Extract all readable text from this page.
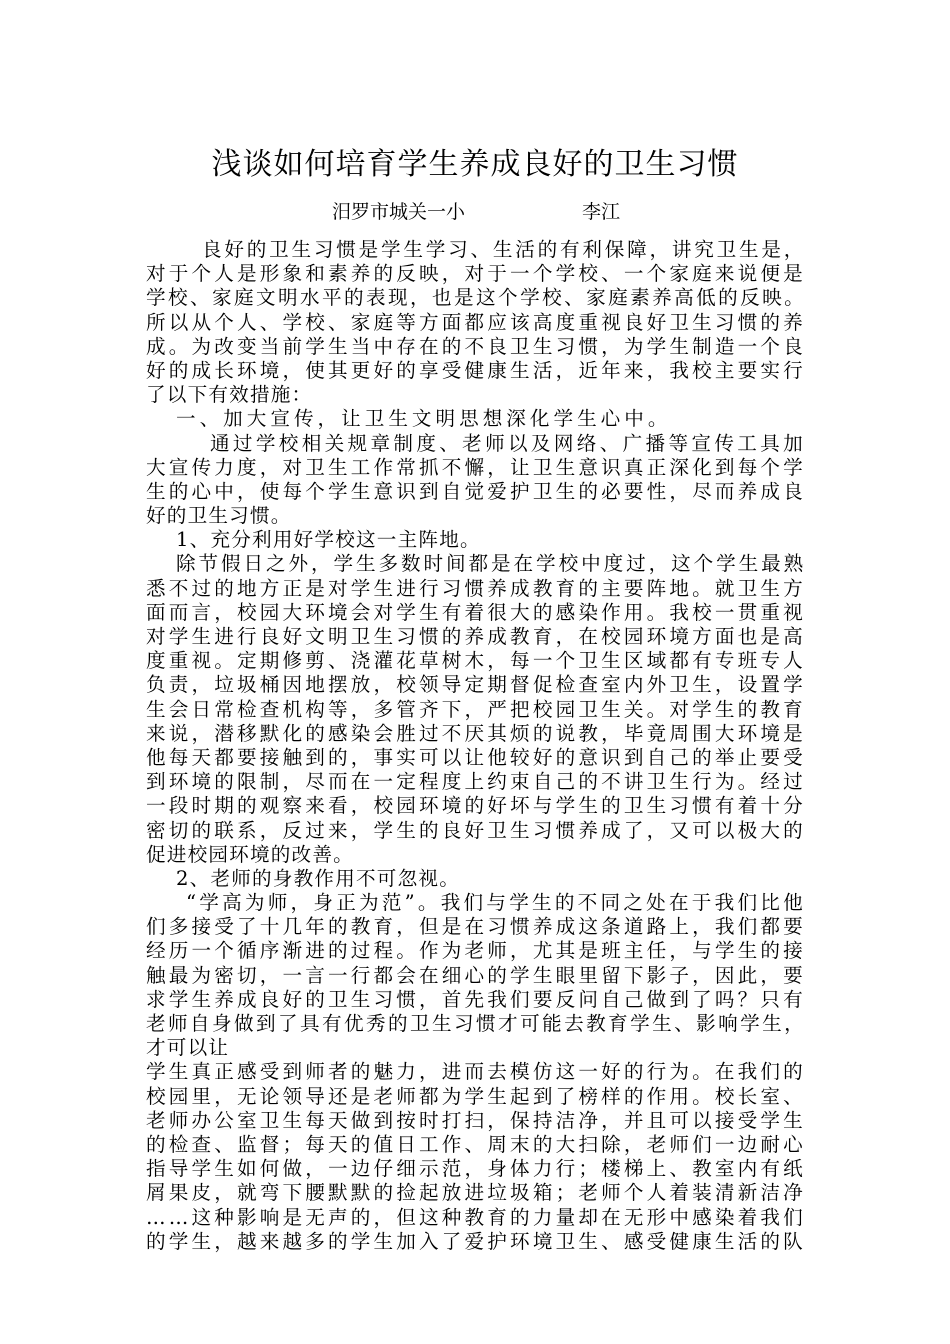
浅谈如何培育学生养成良好的卫生习惯
汨罗市城关一小	李江
良好的卫生习惯是学生学习、生活的有利保障，讲究卫生是，
对于个人是形象和素养的反映，对于一个学校、一个家庭来说便是
学校、家庭文明水平的表现，也是这个学校、家庭素养高低的反映。
所以从个人、学校、家庭等方面都应该高度重视良好卫生习惯的养
成。为改变当前学生当中存在的不良卫生习惯，为学生制造一个良
好的成长环境，使其更好的享受健康生活，近年来，我校主要实行
了以下有效措施：
一、加大宣传，让卫生文明思想深化学生心中。
通过学校相关规章制度、老师以及网络、广播等宣传工具加
大宣传力度，对卫生工作常抓不懈，让卫生意识真正深化到每个学
生的心中，使每个学生意识到自觉爱护卫生的必要性，尽而养成良
好的卫生习惯。
1、充分利用好学校这一主阵地。
除节假日之外，学生多数时间都是在学校中度过，这个学生最熟
悉不过的地方正是对学生进行习惯养成教育的主要阵地。就卫生方
面而言，校园大环境会对学生有着很大的感染作用。我校一贯重视
对学生进行良好文明卫生习惯的养成教育，在校园环境方面也是高
度重视。定期修剪、浇灌花草树木，每一个卫生区域都有专班专人
负责，垃圾桶因地摆放，校领导定期督促检查室内外卫生，设置学
生会日常检查机构等，多管齐下，严把校园卫生关。对学生的教育
来说，潜移默化的感染会胜过不厌其烦的说教，毕竟周围大环境是
他每天都要接触到的，事实可以让他较好的意识到自己的举止要受
到环境的限制，尽而在一定程度上约束自己的不讲卫生行为。经过
一段时期的观察来看，校园环境的好坏与学生的卫生习惯有着十分
密切的联系，反过来，学生的良好卫生习惯养成了，又可以极大的
促进校园环境的改善。
2、老师的身教作用不可忽视。
“学高为师，身正为范”。我们与学生的不同之处在于我们比他
们多接受了十几年的教育，但是在习惯养成这条道路上，我们都要
经历一个循序渐进的过程。作为老师，尤其是班主任，与学生的接
触最为密切，一言一行都会在细心的学生眼里留下影子，因此，要
求学生养成良好的卫生习惯，首先我们要反问自己做到了吗？只有
老师自身做到了具有优秀的卫生习惯才可能去教育学生、影响学生，
才可以让
学生真正感受到师者的魅力，进而去模仿这一好的行为。在我们的
校园里，无论领导还是老师都为学生起到了榜样的作用。校长室、
老师办公室卫生每天做到按时打扫，保持洁净，并且可以接受学生
的检查、监督；每天的值日工作、周末的大扫除，老师们一边耐心
指导学生如何做，一边仔细示范，身体力行；楼梯上、教室内有纸
屑果皮，就弯下腰默默的捡起放进垃圾箱；老师个人着装清新洁净
……这种影响是无声的，但这种教育的力量却在无形中感染着我们
的学生，越来越多的学生加入了爱护环境卫生、感受健康生活的队
